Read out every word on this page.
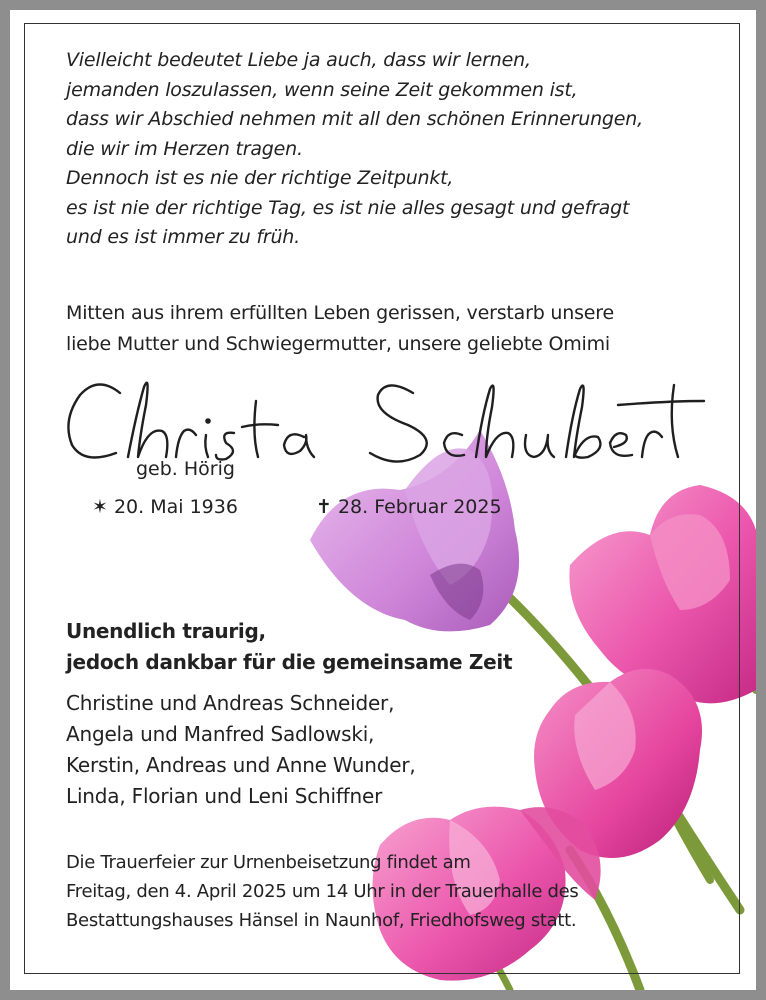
Vielleicht bedeutet Liebe ja auch, dass wir lernen,
jemanden loszulassen, wenn seine Zeit gekommen ist,
dass wir Abschied nehmen mit all den schönen Erinnerungen,
die wir im Herzen tragen.
Dennoch ist es nie der richtige Zeitpunkt,
es ist nie der richtige Tag, es ist nie alles gesagt und gefragt
und es ist immer zu früh.
Mitten aus ihrem erfüllten Leben gerissen, verstarb unsere
liebe Mutter und Schwiegermutter, unsere geliebte Omimi
geb. Hörig
✶ 20. Mai 1936	✝ 28. Februar 2025
Unendlich traurig,
jedoch dankbar für die gemeinsame Zeit
Christine und Andreas Schneider,
Angela und Manfred Sadlowski,
Kerstin, Andreas und Anne Wunder,
Linda, Florian und Leni Schiffner
Die Trauerfeier zur Urnenbeisetzung findet am
Freitag, den 4. April 2025 um 14 Uhr in der Trauerhalle des
Bestattungshauses Hänsel in Naunhof, Friedhofsweg statt.
